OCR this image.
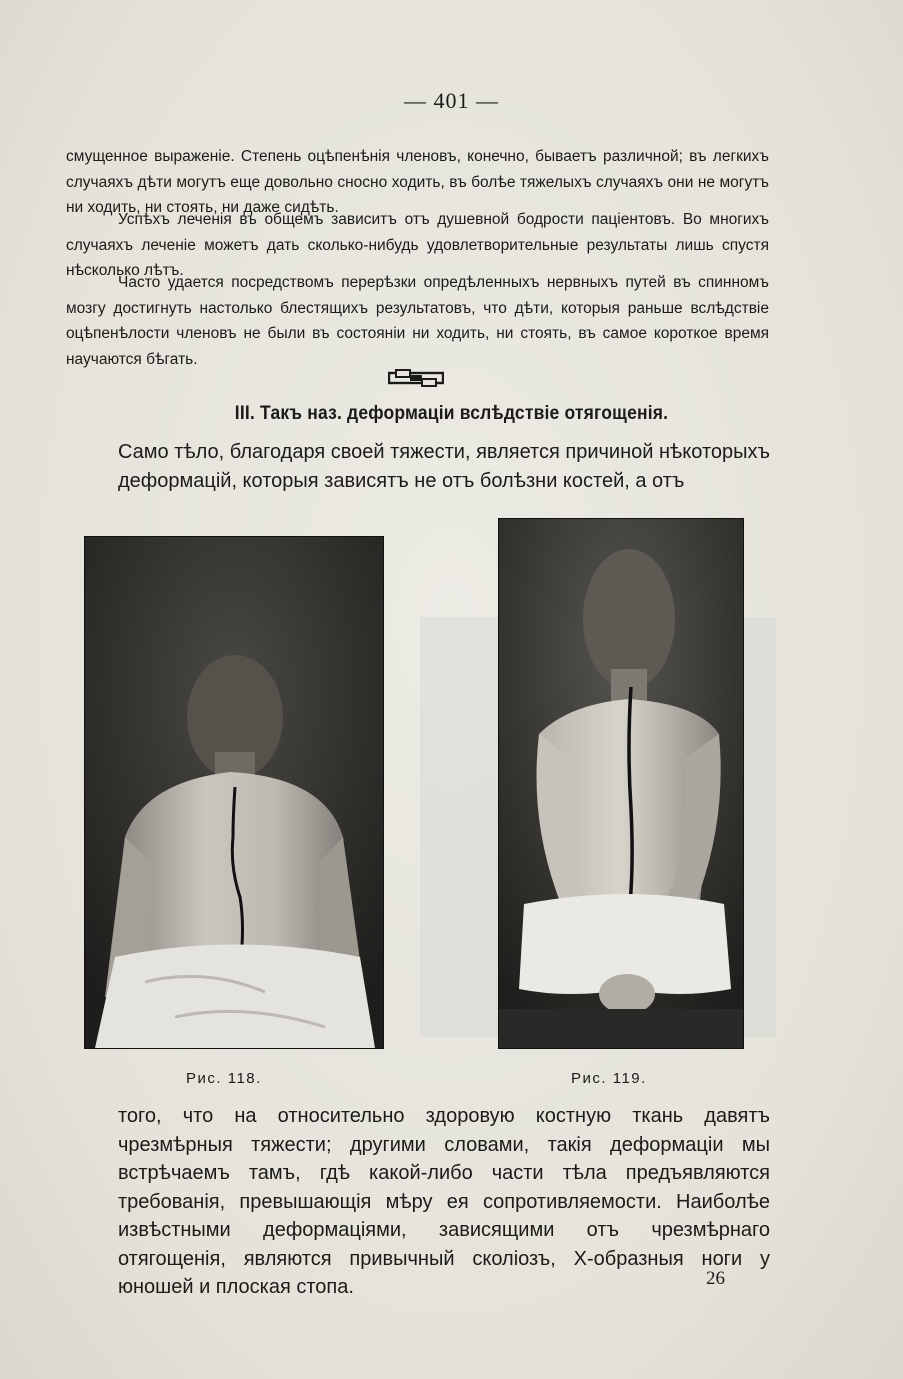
— 401 —
смущенное выраженіе. Степень оцѣпенѣнія членовъ, конечно, бываетъ различной; въ легкихъ случаяхъ дѣти могутъ еще довольно сносно ходить, въ болѣе тяжелыхъ случаяхъ они не могутъ ни ходить, ни стоять, ни даже сидѣть.
Успѣхъ леченія въ общемъ зависитъ отъ душевной бодрости паціентовъ. Во многихъ случаяхъ леченіе можетъ дать сколько-нибудь удовлетворительные результаты лишь спустя нѣсколько лѣтъ.
Часто удается посредствомъ перерѣзки опредѣленныхъ нервныхъ путей въ спинномъ мозгу достигнуть настолько блестящихъ результатовъ, что дѣти, которыя раньше вслѣдствіе оцѣпенѣлости членовъ не были въ состояніи ни ходить, ни стоять, въ самое короткое время научаются бѣгать.
III. Такъ наз. деформаціи вслѣдствіе отягощенія.
Само тѣло, благодаря своей тяжести, является причиной нѣкоторыхъ деформацій, которыя зависятъ не отъ болѣзни костей, а отъ
Рис. 118.	Рис. 119.
того, что на относительно здоровую костную ткань давятъ чрезмѣрныя тяжести; другими словами, такія деформаціи мы встрѣчаемъ тамъ, гдѣ какой-либо части тѣла предъявляются требованія, превышающія мѣру ея сопротивляемости. Наиболѣе извѣстными деформаціями, зависящими отъ чрезмѣрнаго отягощенія, являются привычный сколіозъ, Х-образныя ноги у юношей и плоская стопа.	26
